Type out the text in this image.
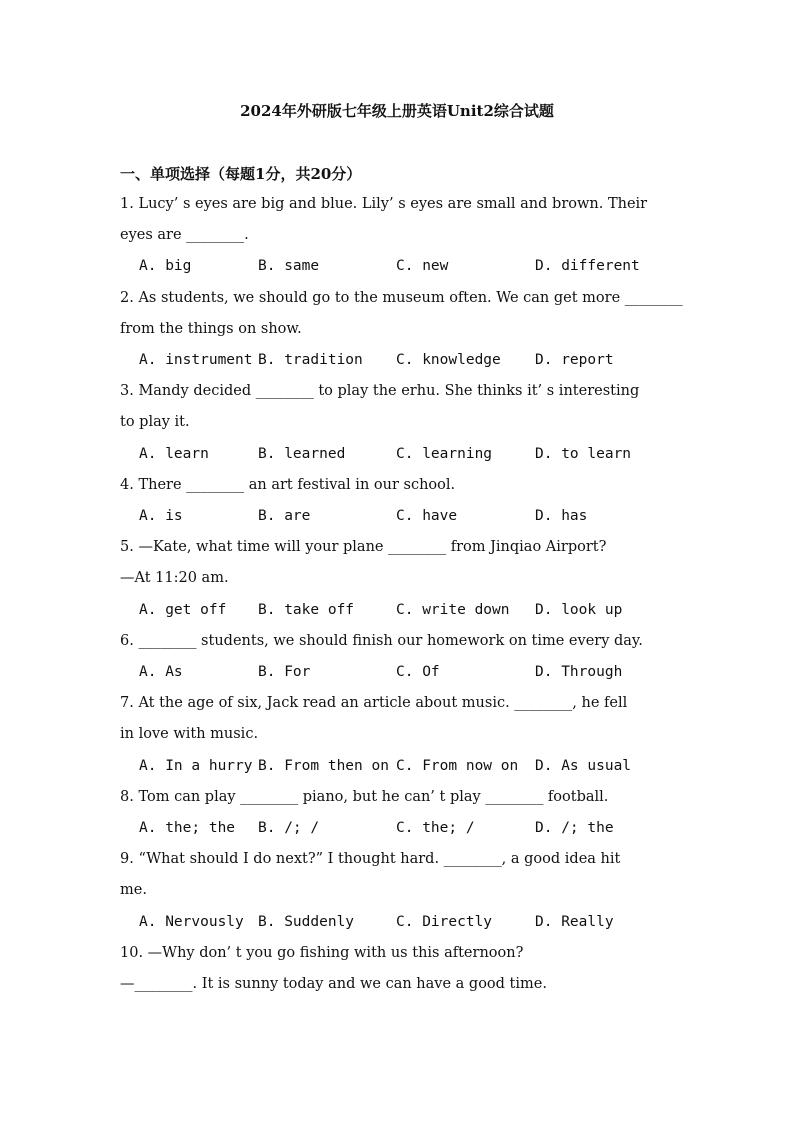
2024年外研版七年级上册英语Unit2综合试题
一、单项选择（每题1分，共20分）
1. Lucy’ s eyes are big and blue. Lily’ s eyes are small and brown. Their
eyes are ________.
A. big	B. same	C. new	D. different
2. As students, we should go to the museum often. We can get more ________
from the things on show.
A. instrument B. tradition C. knowledge D. report
3. Mandy decided ________ to play the erhu. She thinks it’ s interesting
to play it.
A. learn	B. learned	C. learning	D. to learn
4. There ________ an art festival in our school.
A. is	B. are	C. have	D. has
5. —Kate, what time will your plane ________ from Jinqiao Airport?
—At 11:20 am.
A. get off B. take off	C. write down D. look up
6. ________ students, we should finish our homework on time every day.
A. As	B. For	C. Of	D. Through
7. At the age of six, Jack read an article about music. ________, he fell
in love with music.
A. In a hurry B. From then on C. From now on D. As usual
8. Tom can play ________ piano, but he can’ t play ________ football.
A. the; the B. /; /	C. the; /	D. /; the
9. “What should I do next?” I thought hard. ________, a good idea hit
me.
A. Nervously B. Suddenly	C. Directly	D. Really
10. —Why don’ t you go fishing with us this afternoon?
—________. It is sunny today and we can have a good time.
